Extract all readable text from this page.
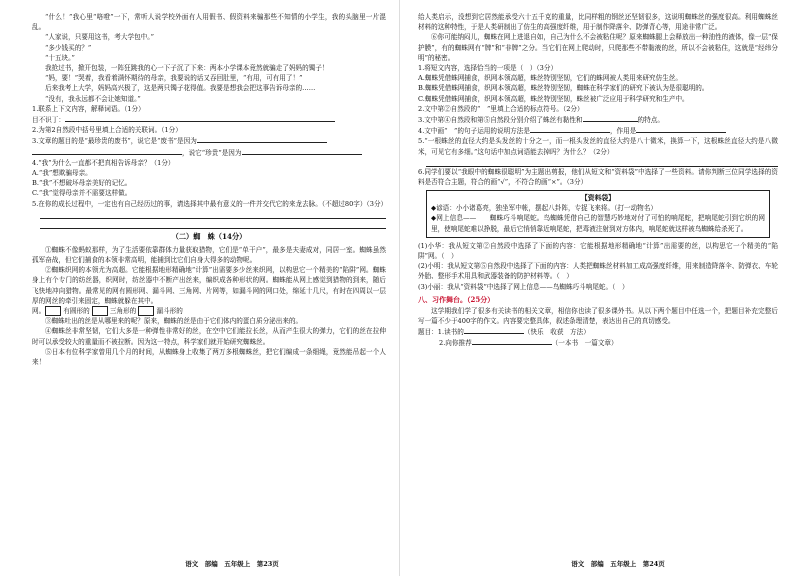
“什么！”我心里“咯噔”一下，常听人说学校外面有人用假书、假资料来骗那些不知情的小学生，我的头脑里一片混乱。

“人家说，只要用这书，考大学包中。”

“多少钱买的？”

“十五块。”

我抢过书，掀开包装，一阵狂跳我的心一下子沉了下来：两本小学课本竟然就骗走了妈妈的镯子！

“妈，要！”哭着，我看着满怀期待的母亲，我要说的话又吞回肚里，“有用，可有用了！”

后来我考上大学，妈妈高兴极了，这是两只镯子花得值。我要是想我会把这事告诉母亲的……

“没有，我永远都不会让她知道。”

1.联系上下文内容，解释词语。（1分）

目不识丁：

2.为第2自然段中括号里填上合适的关联词。（1分）

3.文章的题目的是“最珍贵的废书”，说它是“废书”是因为

，说它“珍贵”是因为

4.“我”为什么一直都不把真相告诉母亲？（1分）

A.“我”想欺骗母亲。

B.“我”不想破坏母亲美好的记忆。

C.“我”觉得母亲并不需要这样做。

5.在你的成长过程中，一定也有自己经历过的事，请选择其中最有意义的一件并交代它的来龙去脉。（不超过80字）（3分）

（二）蜘　蛛（14分）

①蜘蛛不像蚂蚁那样，为了生活要依靠群体力量获取猎物，它们是“单干户”，最多是夫妻成对，同居一室。蜘蛛虽然孤军奋战，但它们捕食的本领非常高明，能捕到比它们自身大得多的动物呢。

②蜘蛛织网的本领尤为高超。它能根据地形精确地“计算”出需要多少丝来织网，以构思它一个精美的“陷阱”网。蜘蛛身上有个专门的纺丝器，织网时，纺丝器中不断产出丝来，编织成各种形状的网。蜘蛛能从网上感觉到猎物的到来，随后飞快地冲向猎物。最常见的网有圆形网、漏斗网、三角网、片网等，如漏斗网的网口处，绵延十几尺，有时在四周以一层厚的网丝的牵引来固定，蜘蛛就躲在其中。

网。	有圆形的	三角形的	漏斗形的

③蜘蛛吐出的丝是从哪里来的呢？原来，蜘蛛的丝是由于它们体内的蛋白质分泌出来的。

④蜘蛛丝非常坚韧，它们大多是一种弹性非常好的丝，在空中它们能拉长丝，从而产生很大的弹力，它们的丝在拉伸时可以承受较大的重量而不被拉断。因为这一特点，科学家们就开始研究蜘蛛丝。

⑤日本有位科学家曾用几个月的时间，从蜘蛛身上收集了两万多根蜘蛛丝，把它们编成一条细绳，竟然能吊起一个人来！

语文　部编　五年级上　第23页

给人类启示，没想到它居然能承受六十五千克的重量，比同样粗的钢丝还坚韧很多，这说明蜘蛛丝的强度很高。利用蜘蛛丝材料的这种特性，于是人类研制出了仿生的高强度纤维，用于制作降落伞、防弹背心等，用途非常广泛。

⑥你可能纳闷儿，蜘蛛在网上进退自如，自己为什么不会被粘住呢？原来蜘蛛腿上会释放出一种油性的液体，像一层“保护膜”，有的蜘蛛网有“牌”和“非牌”之分。当它们在网上爬动时，只爬那些不带黏液的丝，所以不会被粘住，这就是“经纬分明”的秘密。

1.将短文内容，选择恰当的一项是（　）（3分）

A.蜘蛛凭借蛛网捕食，织网本领高超，蛛丝特别坚韧，它们的蛛网被人类用来研究仿生丝。

B.蜘蛛凭借蛛网捕食，织网本领高超，蛛丝特别坚韧，蜘蛛在科学家们的研究下被认为是很聪明的。

C.蜘蛛凭借蛛网捕食，织网本领高超，蛛丝特别坚韧，蛛丝被广泛应用于科学研究和生产中。

2.文中第②自然段的“　”里填上合适的标点符号。（2分）

3.文中第④自然段和第⑤自然段分别介绍了蛛丝有黏性和	的特点。

4.文中画“　”的句子运用的说明方法是	，作用是

5.“一根蛛丝的直径大约是头发丝的十分之一，而一根头发丝的直径大约是八十微米，换算一下，这根蛛丝直径大约是八微米，可见它有多细。”这句话中加点词语能去掉吗？为什么？（2分）

6.同学们要以“我眼中的蜘蛛很聪明”为主题出剪报，他们从短文和“资料袋”中选择了一些资料。请你判断三位同学选择的资料是否符合主题，符合的画“√”，不符合的画“×”。（3分）

【资料袋】

◆谚语：小小诸葛亮，独坐军中帐，摆起八卦阵，专捉飞来将。（打一动物名）

◆网上信息——　　蜘蛛巧斗响尾蛇。鸟蜘蛛凭借自己的智慧巧妙地对付了可怕的响尾蛇，把响尾蛇引到它织的网里，使响尾蛇难以挣脱，最后它悄悄靠近响尾蛇，把毒液注射到对方体内，响尾蛇就这样被鸟蜘蛛给杀死了。

(1)小华：我从短文第②自然段中选择了下面的内容：它能根据地形精确地“计算”出需要的丝，以构思它一个精美的“陷阱”网。（　）

(2)小明：我从短文第⑤自然段中选择了下面的内容：人类把蜘蛛丝材料加工成高强度纤维，用来制造降落伞、防弹衣、车轮外胎、整形手术用具和武器装备的防护材料等。（　）

(3)小丽：我从“资料袋”中选择了网上信息——鸟蜘蛛巧斗响尾蛇。（　）

八、习作舞台。（25分）

这学期我们学了很多有关读书的相关文章，相信你也读了很多课外书。从以下两个题目中任选一个，把题目补充完整后写一篇不少于400字的作文。内容要完整具体，叙述条理清楚，表达出自己的真切感受。

题目：1.读书的	（快乐　收获　方法）

2.向你推荐	（一本书　一篇文章）

语文　部编　五年级上　第24页
